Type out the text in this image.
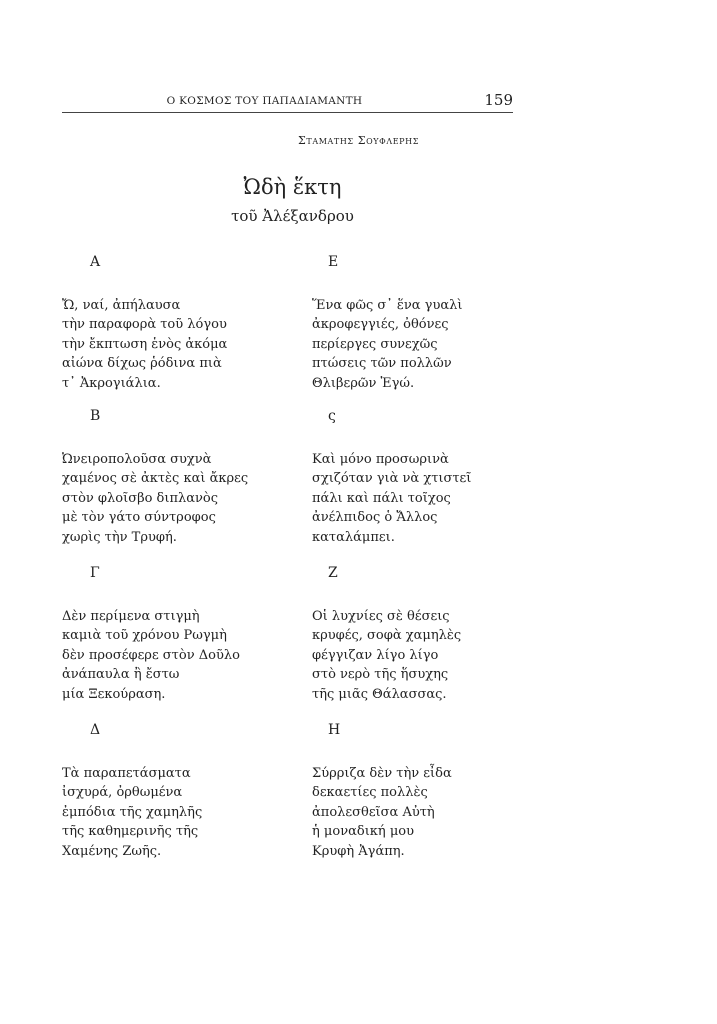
Ο ΚΟΣΜΟΣ ΤΟΥ ΠΑΠΑΔΙΑΜΑΝΤΗ	159
Σταματησ Σουφλερησ
Ὠδὴ ἕκτη
τοῦ Ἀλέξανδρου
Α
Ὤ, ναί, ἀπήλαυσα
τὴν παραφορὰ τοῦ λόγου
τὴν ἔκπτωση ἑνὸς ἀκόμα
αἰώνα δίχως ῥόδινα πιὰ
τ᾽ Ἀκρογιάλια.
Β
Ὠνειροπολοῦσα συχνὰ
χαμένος σὲ ἀκτὲς καὶ ἄκρες
στὸν φλοῖσβο διπλανὸς
μὲ τὸν γάτο σύντροφος
χωρὶς τὴν Τρυφή.
Γ
Δὲν περίμενα στιγμὴ
καμιὰ τοῦ χρόνου Ρωγμὴ
δὲν προσέφερε στὸν Δοῦλο
ἀνάπαυλα ἢ ἔστω
μία Ξεκούραση.
Δ
Τὰ παραπετάσματα
ἰσχυρά, ὀρθωμένα
ἐμπόδια τῆς χαμηλῆς
τῆς καθημερινῆς τῆς
Χαμένης Ζωῆς.
Ε
Ἕνα φῶς σ᾽ ἕνα γυαλὶ
ἀκροφεγγιές, ὀθόνες
περίεργες συνεχῶς
πτώσεις τῶν πολλῶν
Θλιβερῶν Ἐγώ.
ς
Καὶ μόνο προσωρινὰ
σχιζόταν γιὰ νὰ χτιστεῖ
πάλι καὶ πάλι τοῖχος
ἀνέλπιδος ὁ Ἄλλος
καταλάμπει.
Ζ
Οἱ λυχνίες σὲ θέσεις
κρυφές, σοφὰ χαμηλὲς
φέγγιζαν λίγο λίγο
στὸ νερὸ τῆς ἥσυχης
τῆς μιᾶς Θάλασσας.
Η
Σύρριζα δὲν τὴν εἶδα
δεκαετίες πολλὲς
ἀπολεσθεῖσα Αὐτὴ
ἡ μοναδική μου
Κρυφὴ Ἀγάπη.
